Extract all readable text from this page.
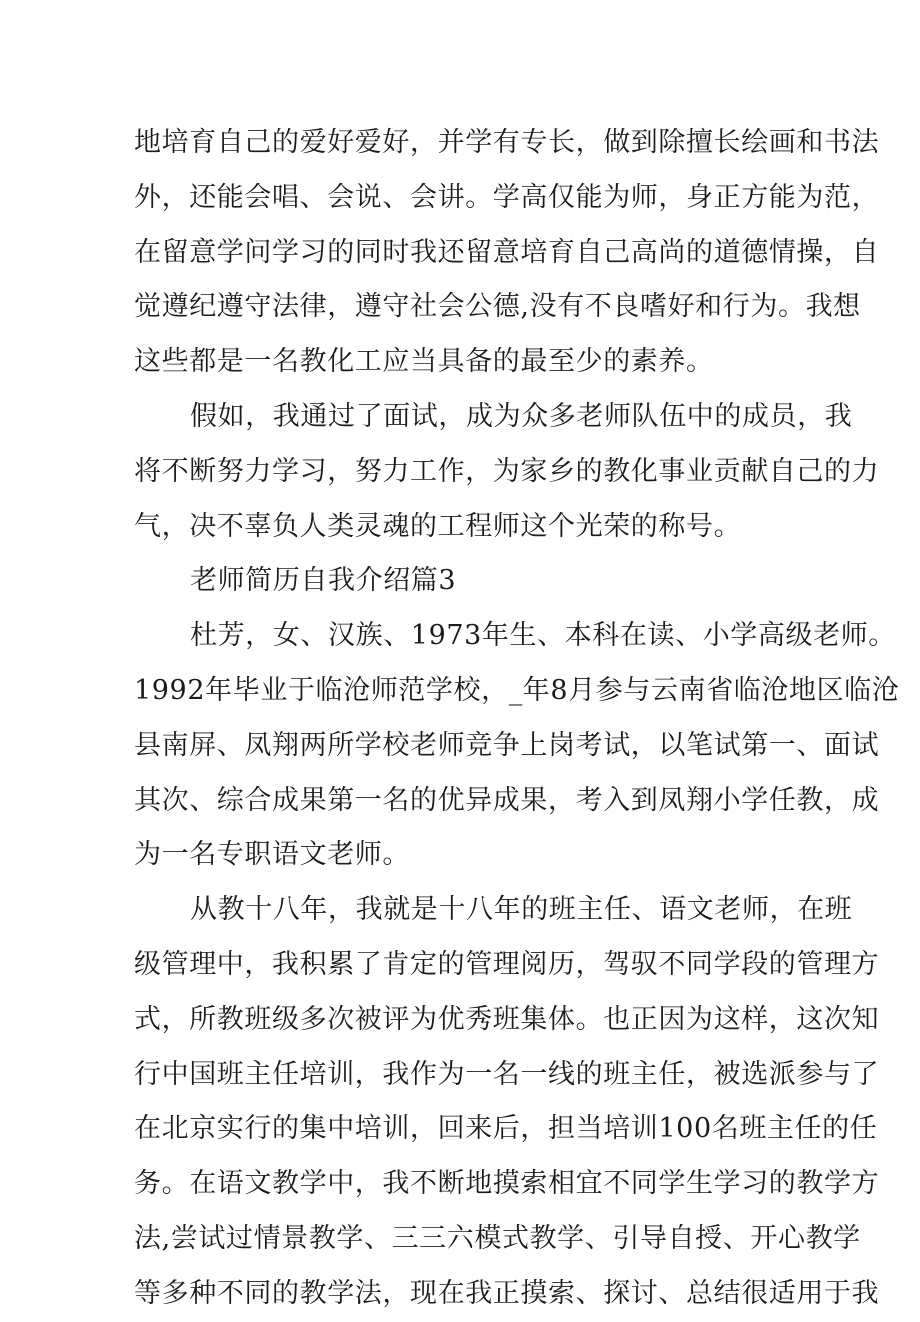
地培育自己的爱好爱好，并学有专长，做到除擅长绘画和书法
外，还能会唱、会说、会讲。学高仅能为师，身正方能为范，
在留意学问学习的同时我还留意培育自己高尚的道德情操，自
觉遵纪遵守法律，遵守社会公德,没有不良嗜好和行为。我想
这些都是一名教化工应当具备的最至少的素养。
假如，我通过了面试，成为众多老师队伍中的成员，我
将不断努力学习，努力工作，为家乡的教化事业贡献自己的力
气，决不辜负人类灵魂的工程师这个光荣的称号。
老师简历自我介绍篇3
杜芳，女、汉族、1973年生、本科在读、小学高级老师。
1992年毕业于临沧师范学校，_年8月参与云南省临沧地区临沧
县南屏、凤翔两所学校老师竞争上岗考试，以笔试第一、面试
其次、综合成果第一名的优异成果，考入到凤翔小学任教，成
为一名专职语文老师。
从教十八年，我就是十八年的班主任、语文老师，在班
级管理中，我积累了肯定的管理阅历，驾驭不同学段的管理方
式，所教班级多次被评为优秀班集体。也正因为这样，这次知
行中国班主任培训，我作为一名一线的班主任，被选派参与了
在北京实行的集中培训，回来后，担当培训100名班主任的任
务。在语文教学中，我不断地摸索相宜不同学生学习的教学方
法,尝试过情景教学、三三六模式教学、引导自授、开心教学
等多种不同的教学法，现在我正摸索、探讨、总结很适用于我
